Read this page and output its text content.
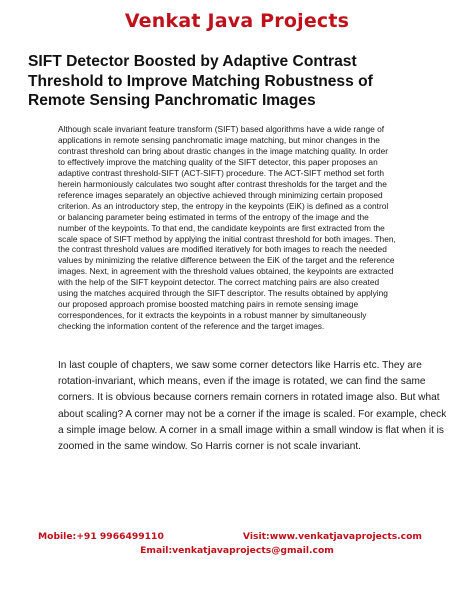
Venkat Java Projects
SIFT Detector Boosted by Adaptive Contrast
Threshold to Improve Matching Robustness of
Remote Sensing Panchromatic Images
Although scale invariant feature transform (SIFT) based algorithms have a wide range of
applications in remote sensing panchromatic image matching, but minor changes in the
contrast threshold can bring about drastic changes in the image matching quality. In order
to effectively improve the matching quality of the SIFT detector, this paper proposes an
adaptive contrast threshold-SIFT (ACT-SIFT) procedure. The ACT-SIFT method set forth
herein harmoniously calculates two sought after contrast thresholds for the target and the
reference images separately an objective achieved through minimizing certain proposed
criterion. As an introductory step, the entropy in the keypoints (EiK) is defined as a control
or balancing parameter being estimated in terms of the entropy of the image and the
number of the keypoints. To that end, the candidate keypoints are first extracted from the
scale space of SIFT method by applying the initial contrast threshold for both images. Then,
the contrast threshold values are modified iteratively for both images to reach the needed
values by minimizing the relative difference between the EiK of the target and the reference
images. Next, in agreement with the threshold values obtained, the keypoints are extracted
with the help of the SIFT keypoint detector. The correct matching pairs are also created
using the matches acquired through the SIFT descriptor. The results obtained by applying
our proposed approach promise boosted matching pairs in remote sensing image
correspondences, for it extracts the keypoints in a robust manner by simultaneously
checking the information content of the reference and the target images.
In last couple of chapters, we saw some corner detectors like Harris etc. They are
rotation-invariant, which means, even if the image is rotated, we can find the same
corners. It is obvious because corners remain corners in rotated image also. But what
about scaling? A corner may not be a corner if the image is scaled. For example, check
a simple image below. A corner in a small image within a small window is flat when it is
zoomed in the same window. So Harris corner is not scale invariant.
Mobile:+91 9966499110	Visit:www.venkatjavaprojects.com
Email:venkatjavaprojects@gmail.com
